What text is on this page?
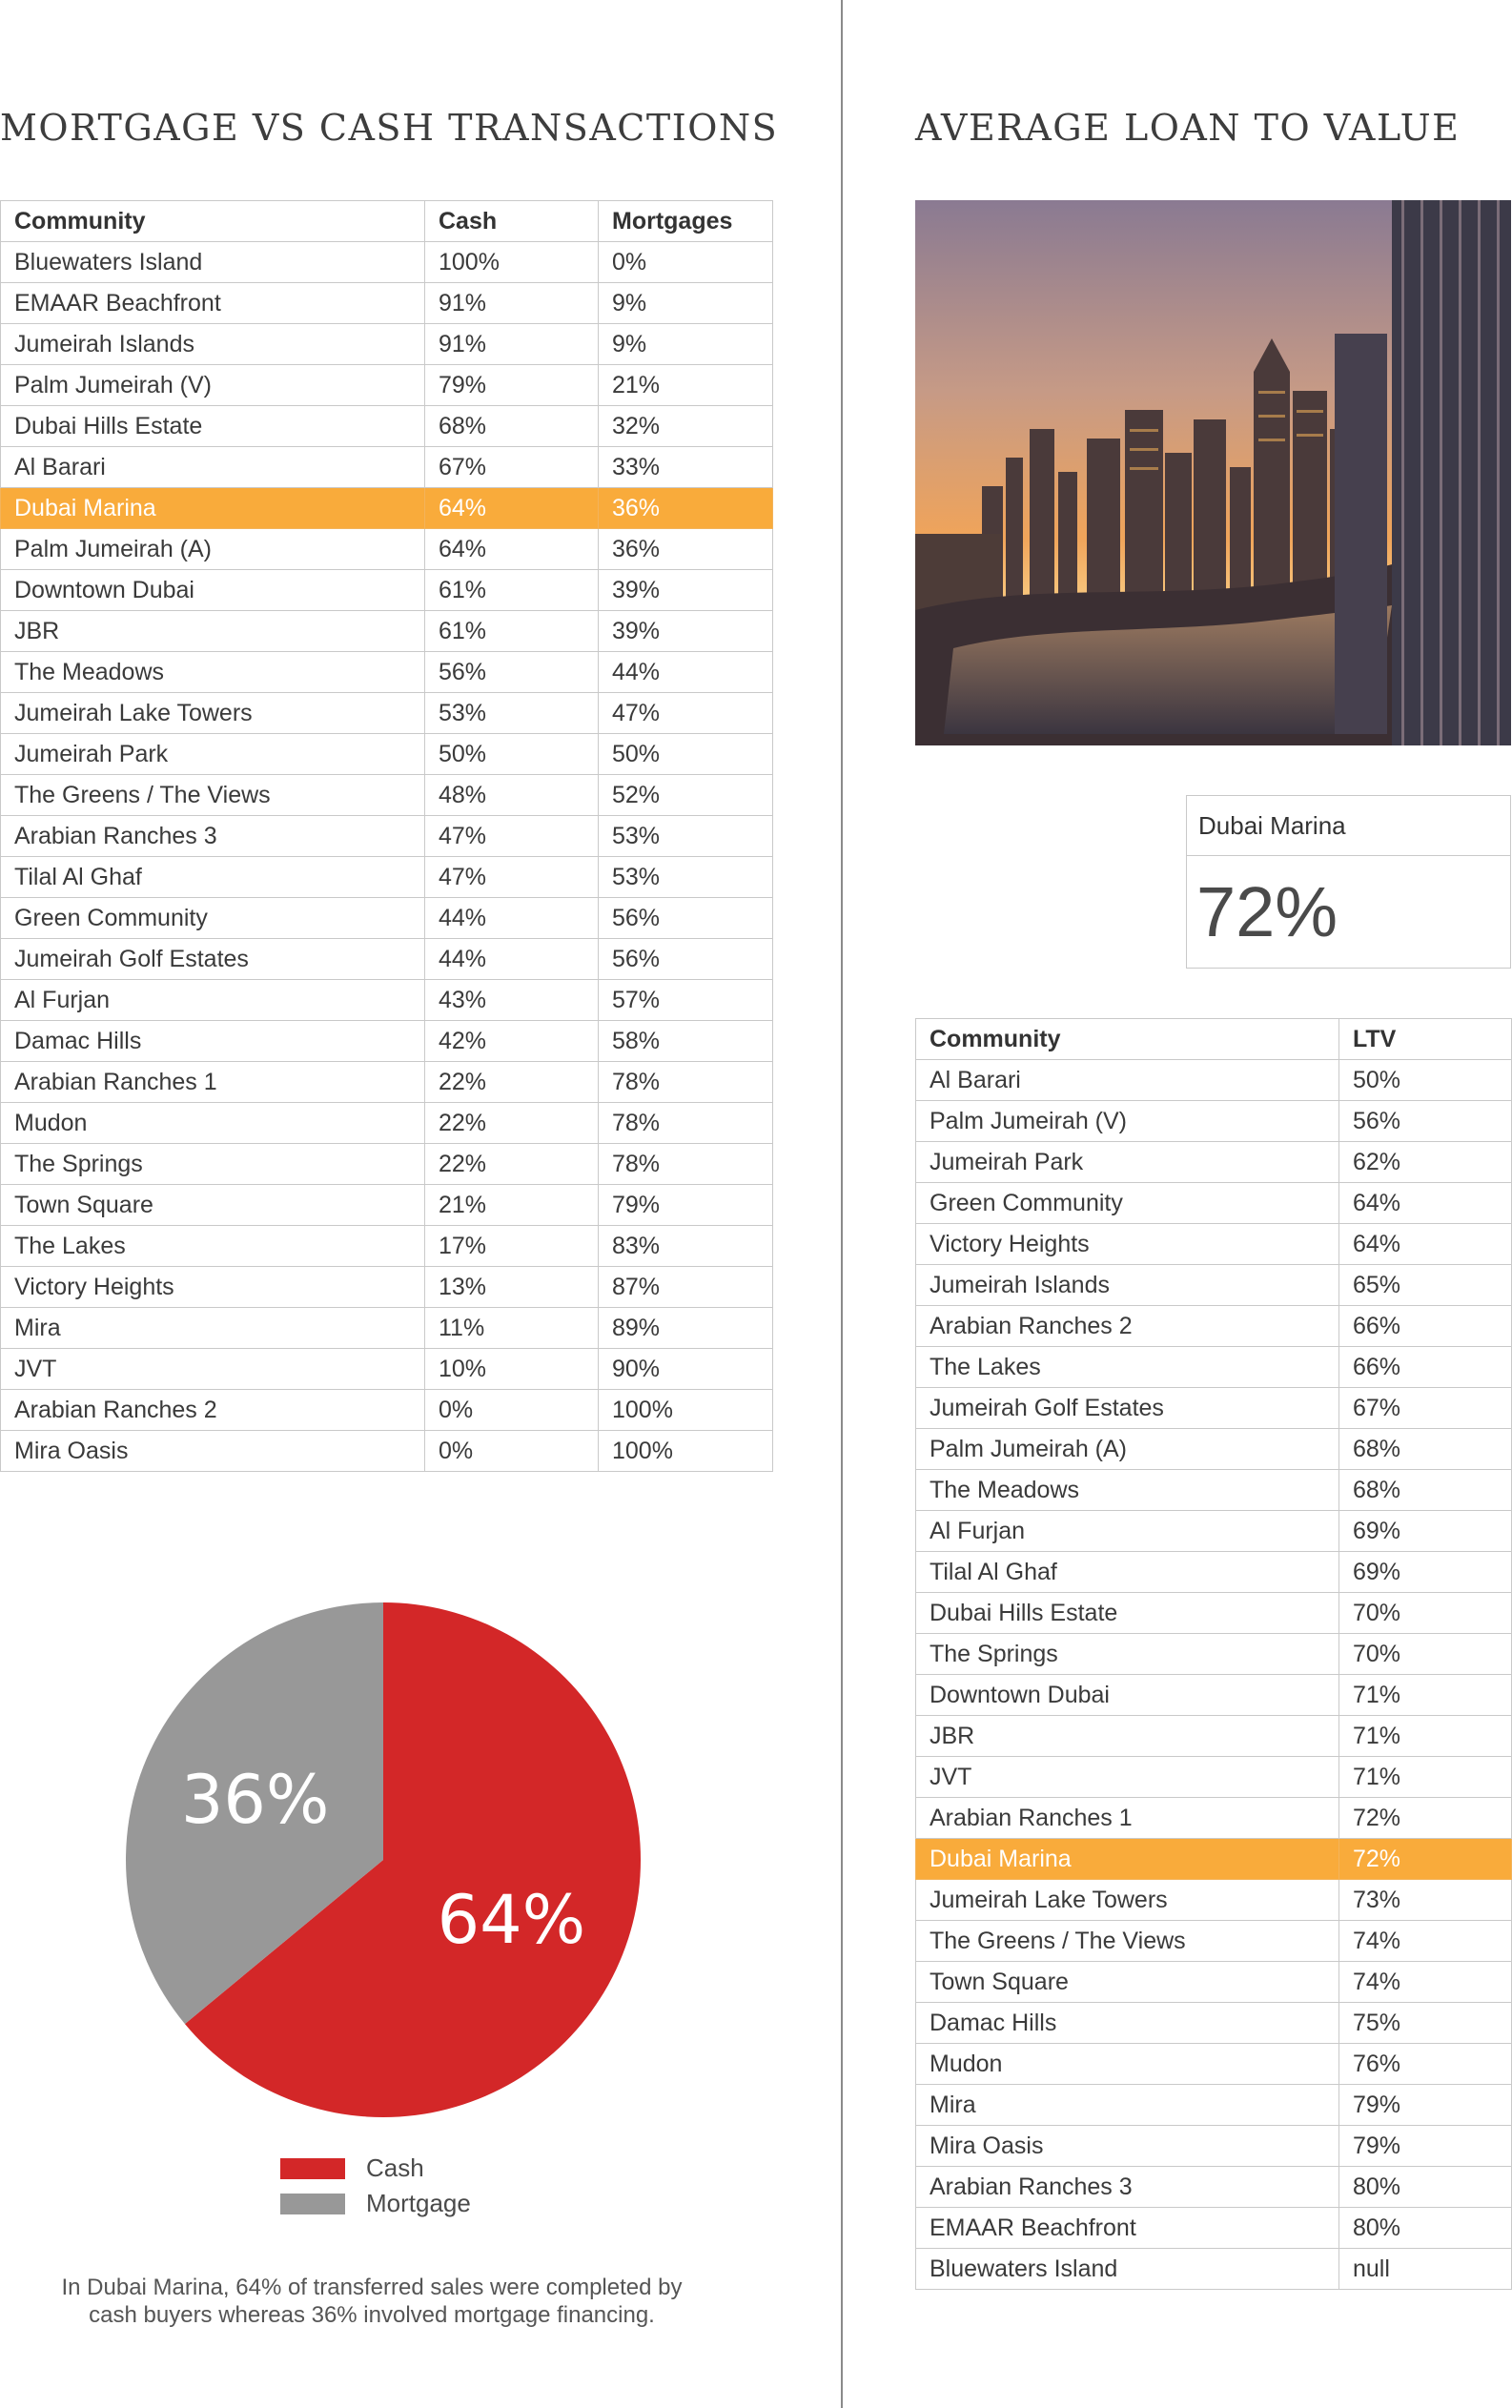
MORTGAGE VS CASH TRANSACTIONS	AVERAGE LOAN TO VALUE
Community	Cash	Mortgages
Bluewaters Island	100%	0%
EMAAR Beachfront	91%	9%
Jumeirah Islands	91%	9%
Palm Jumeirah (V)	79%	21%
Dubai Hills Estate	68%	32%
Al Barari	67%	33%
Dubai Marina	64%	36%
Palm Jumeirah (A)	64%	36%
Downtown Dubai	61%	39%
JBR	61%	39%
The Meadows	56%	44%
Jumeirah Lake Towers	53%	47%
Jumeirah Park	50%	50%
The Greens / The Views	48%	52%
Arabian Ranches 3	47%	53%
Tilal Al Ghaf	47%	53%
Green Community	44%	56%
Jumeirah Golf Estates	44%	56%
Al Furjan	43%	57%
Damac Hills	42%	58%
Arabian Ranches 1	22%	78%
Mudon	22%	78%
The Springs	22%	78%
Town Square	21%	79%
The Lakes	17%	83%
Victory Heights	13%	87%
Mira	11%	89%
JVT	10%	90%
Arabian Ranches 2	0%	100%
Mira Oasis	0%	100%
Dubai Marina
72%
Community	LTV
Al Barari	50%
Palm Jumeirah (V)	56%
Jumeirah Park	62%
Green Community	64%
Victory Heights	64%
Jumeirah Islands	65%
Arabian Ranches 2	66%
The Lakes	66%
Jumeirah Golf Estates	67%
Palm Jumeirah (A)	68%
The Meadows	68%
Al Furjan	69%
Tilal Al Ghaf	69%
Dubai Hills Estate	70%
The Springs	70%
Downtown Dubai	71%
JBR	71%
JVT	71%
Arabian Ranches 1	72%
Dubai Marina	72%
Jumeirah Lake Towers	73%
The Greens / The Views	74%
Town Square	74%
Damac Hills	75%
Mudon	76%
Mira	79%
Mira Oasis	79%
Arabian Ranches 3	80%
EMAAR Beachfront	80%
Bluewaters Island	null
64%
36%
Cash
Mortgage

In Dubai Marina, 64% of transferred sales were completed by cash buyers whereas 36% involved mortgage financing.
